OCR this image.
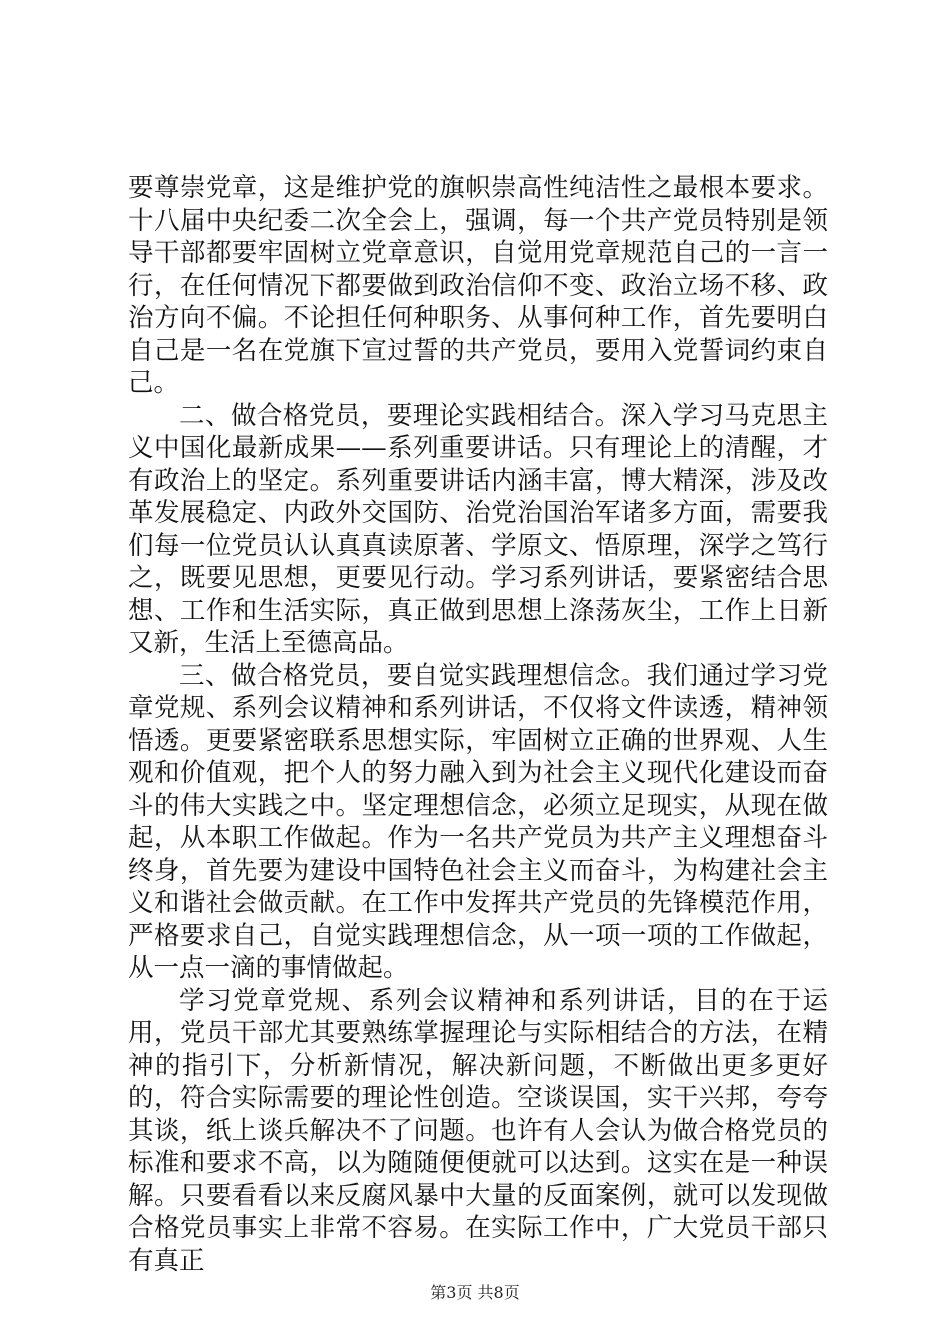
要尊崇党章，这是维护党的旗帜崇高性纯洁性之最根本要求。十八届中央纪委二次全会上，强调，每一个共产党员特别是领导干部都要牢固树立党章意识，自觉用党章规范自己的一言一行，在任何情况下都要做到政治信仰不变、政治立场不移、政治方向不偏。不论担任何种职务、从事何种工作，首先要明白自己是一名在党旗下宣过誓的共产党员，要用入党誓词约束自己。

二、做合格党员，要理论实践相结合。深入学习马克思主义中国化最新成果——系列重要讲话。只有理论上的清醒，才有政治上的坚定。系列重要讲话内涵丰富，博大精深，涉及改革发展稳定、内政外交国防、治党治国治军诸多方面，需要我们每一位党员认认真真读原著、学原文、悟原理，深学之笃行之，既要见思想，更要见行动。学习系列讲话，要紧密结合思想、工作和生活实际，真正做到思想上涤荡灰尘，工作上日新又新，生活上至德高品。

三、做合格党员，要自觉实践理想信念。我们通过学习党章党规、系列会议精神和系列讲话，不仅将文件读透，精神领悟透。更要紧密联系思想实际，牢固树立正确的世界观、人生观和价值观，把个人的努力融入到为社会主义现代化建设而奋斗的伟大实践之中。坚定理想信念，必须立足现实，从现在做起，从本职工作做起。作为一名共产党员为共产主义理想奋斗终身，首先要为建设中国特色社会主义而奋斗，为构建社会主义和谐社会做贡献。在工作中发挥共产党员的先锋模范作用，严格要求自己，自觉实践理想信念，从一项一项的工作做起，从一点一滴的事情做起。

学习党章党规、系列会议精神和系列讲话，目的在于运用，党员干部尤其要熟练掌握理论与实际相结合的方法，在精神的指引下，分析新情况，解决新问题，不断做出更多更好的，符合实际需要的理论性创造。空谈误国，实干兴邦，夸夸其谈，纸上谈兵解决不了问题。也许有人会认为做合格党员的标准和要求不高，以为随随便便就可以达到。这实在是一种误解。只要看看以来反腐风暴中大量的反面案例，就可以发现做合格党员事实上非常不容易。在实际工作中，广大党员干部只有真正

第3页 共8页
